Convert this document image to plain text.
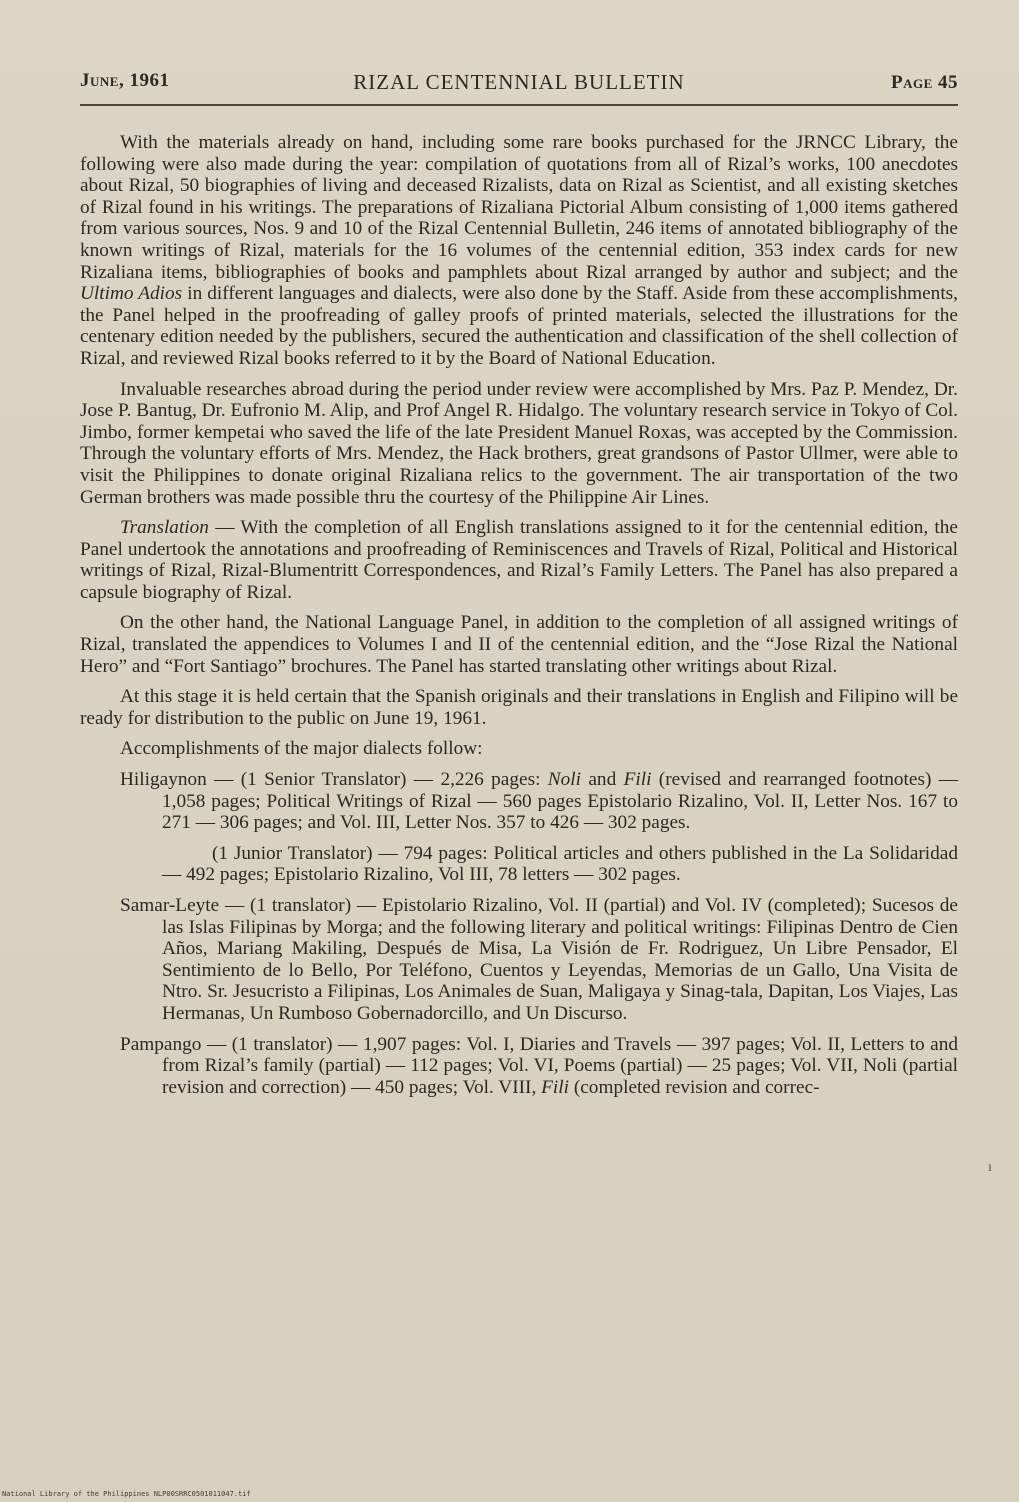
June, 1961	RIZAL CENTENNIAL BULLETIN	Page 45

With the materials already on hand, including some rare books purchased for the JRNCC Library, the following were also made during the year: compilation of quotations from all of Rizal’s works, 100 anecdotes about Rizal, 50 biographies of living and deceased Rizalists, data on Rizal as Scientist, and all existing sketches of Rizal found in his writings. The preparations of Rizaliana Pictorial Album consisting of 1,000 items gathered from various sources, Nos. 9 and 10 of the Rizal Centennial Bulletin, 246 items of annotated bibliography of the known writings of Rizal, materials for the 16 volumes of the centennial edition, 353 index cards for new Rizaliana items, bibliographies of books and pamphlets about Rizal arranged by author and subject; and the Ultimo Adios in different languages and dialects, were also done by the Staff. Aside from these accomplishments, the Panel helped in the proofreading of galley proofs of printed materials, selected the illustrations for the centenary edition needed by the publishers, secured the authentication and classification of the shell collection of Rizal, and reviewed Rizal books referred to it by the Board of National Education.

Invaluable researches abroad during the period under review were accomplished by Mrs. Paz P. Mendez, Dr. Jose P. Bantug, Dr. Eufronio M. Alip, and Prof Angel R. Hidalgo. The voluntary research service in Tokyo of Col. Jimbo, former kempetai who saved the life of the late President Manuel Roxas, was accepted by the Commission. Through the voluntary efforts of Mrs. Mendez, the Hack brothers, great grandsons of Pastor Ullmer, were able to visit the Philippines to donate original Rizaliana relics to the government. The air transportation of the two German brothers was made possible thru the courtesy of the Philippine Air Lines.

Translation — With the completion of all English translations assigned to it for the centennial edition, the Panel undertook the annotations and proofreading of Reminiscences and Travels of Rizal, Political and Historical writings of Rizal, Rizal-Blumentritt Correspondences, and Rizal’s Family Letters. The Panel has also prepared a capsule biography of Rizal.

On the other hand, the National Language Panel, in addition to the completion of all assigned writings of Rizal, translated the appendices to Volumes I and II of the centennial edition, and the “Jose Rizal the National Hero” and “Fort Santiago” brochures. The Panel has started translating other writings about Rizal.

At this stage it is held certain that the Spanish originals and their translations in English and Filipino will be ready for distribution to the public on June 19, 1961.

Accomplishments of the major dialects follow:

Hiligaynon — (1 Senior Translator) — 2,226 pages: Noli and Fili (revised and rearranged footnotes) — 1,058 pages; Political Writings of Rizal — 560 pages Epistolario Rizalino, Vol. II, Letter Nos. 167 to 271 — 306 pages; and Vol. III, Letter Nos. 357 to 426 — 302 pages.
(1 Junior Translator) — 794 pages: Political articles and others published in the La Solidaridad — 492 pages; Epistolario Rizalino, Vol III, 78 letters — 302 pages.
Samar-Leyte — (1 translator) — Epistolario Rizalino, Vol. II (partial) and Vol. IV (completed); Sucesos de las Islas Filipinas by Morga; and the following literary and political writings: Filipinas Dentro de Cien Años, Mariang Makiling, Después de Misa, La Visión de Fr. Rodriguez, Un Libre Pensador, El Sentimiento de lo Bello, Por Teléfono, Cuentos y Leyendas, Memorias de un Gallo, Una Visita de Ntro. Sr. Jesucristo a Filipinas, Los Animales de Suan, Maligaya y Sinag-tala, Dapitan, Los Viajes, Las Hermanas, Un Rumboso Gobernadorcillo, and Un Discurso.
Pampango — (1 translator) — 1,907 pages: Vol. I, Diaries and Travels — 397 pages; Vol. II, Letters to and from Rizal’s family (partial) — 112 pages; Vol. VI, Poems (partial) — 25 pages; Vol. VII, Noli (partial revision and correction) — 450 pages; Vol. VIII, Fili (completed revision and correc-
ı
National Library of the Philippines NLP00SRRC0501011047.tif
